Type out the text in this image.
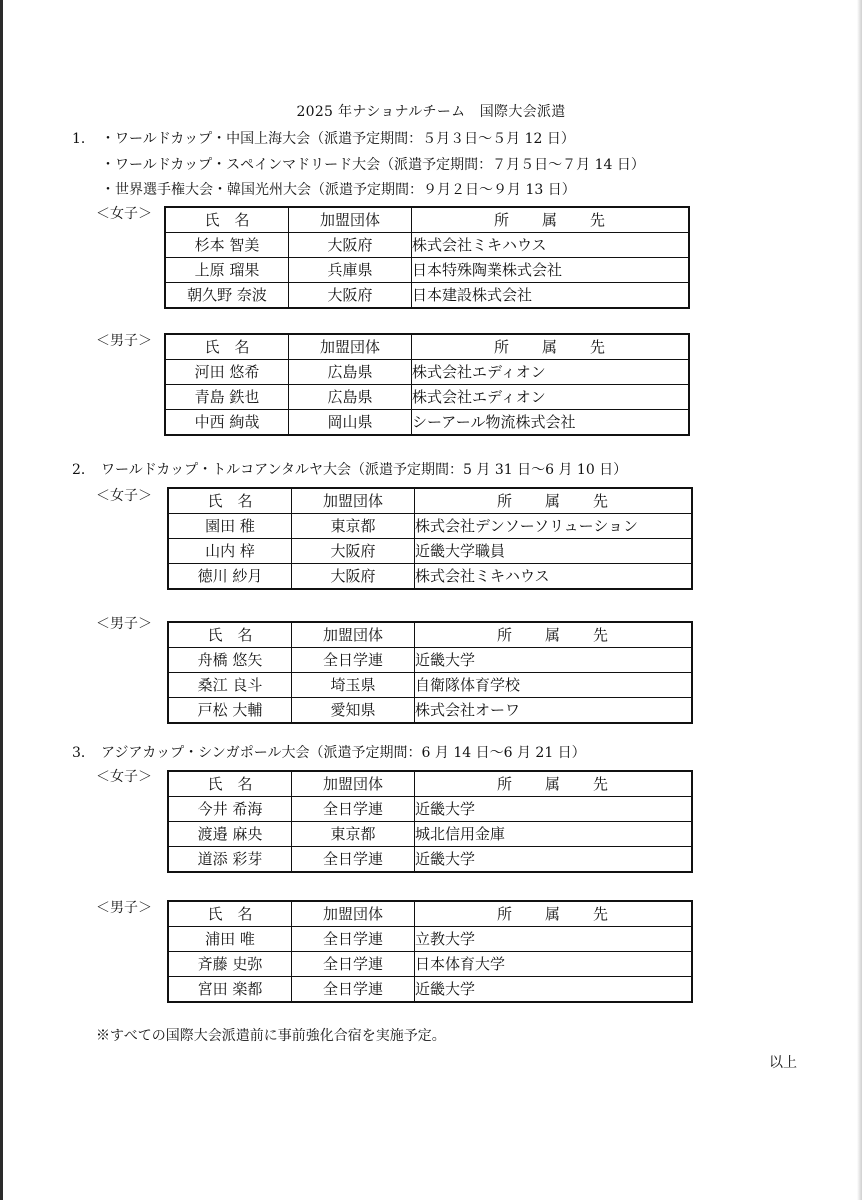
2025 年ナショナルチーム　国際大会派遣
1． ・ワールドカップ・中国上海大会（派遣予定期間：５月３日～５月 12 日）
・ワールドカップ・スペインマドリード大会（派遣予定期間：７月５日～７月 14 日）
・世界選手権大会・韓国光州大会（派遣予定期間：９月２日～９月 13 日）
＜女子＞	氏　名	加盟団体	所　　属　　先
杉本 智美	大阪府	株式会社ミキハウス
上原 瑠果	兵庫県	日本特殊陶業株式会社
朝久野 奈波	大阪府	日本建設株式会社
＜男子＞	氏　名	加盟団体	所　　属　　先
河田 悠希	広島県	株式会社エディオン
青島 鉄也	広島県	株式会社エディオン
中西 絢哉	岡山県	シーアール物流株式会社
2． ワールドカップ・トルコアンタルヤ大会（派遣予定期間：5 月 31 日～6 月 10 日）
＜女子＞	氏　名	加盟団体	所　　属　　先
園田 稚	東京都	株式会社デンソーソリューション
山内 梓	大阪府	近畿大学職員
徳川 紗月	大阪府	株式会社ミキハウス
＜男子＞
氏　名	加盟団体	所　　属　　先
舟橋 悠矢	全日学連	近畿大学
桑江 良斗	埼玉県	自衛隊体育学校
戸松 大輔	愛知県	株式会社オーワ
3． アジアカップ・シンガポール大会（派遣予定期間：6 月 14 日～6 月 21 日）
＜女子＞	氏　名	加盟団体	所　　属　　先
今井 希海	全日学連	近畿大学
渡邉 麻央	東京都	城北信用金庫
道添 彩芽	全日学連	近畿大学
＜男子＞	氏　名	加盟団体	所　　属　　先
浦田 唯	全日学連	立教大学
斉藤 史弥	全日学連	日本体育大学
宮田 楽都	全日学連	近畿大学
※すべての国際大会派遣前に事前強化合宿を実施予定。
以上
